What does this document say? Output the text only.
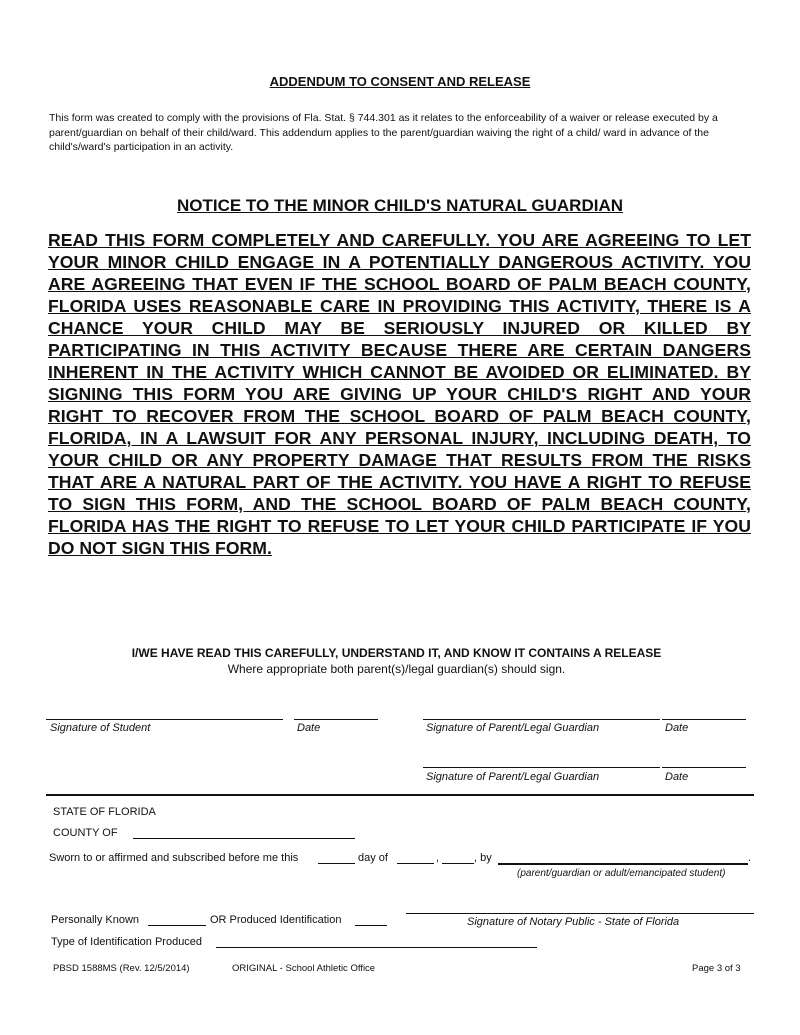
ADDENDUM TO CONSENT AND RELEASE
This form was created to comply with the provisions of Fla. Stat. § 744.301 as it relates to the enforceability of a waiver or release executed by a parent/guardian on behalf of their child/ward. This addendum applies to the parent/guardian waiving the right of a child/ ward in advance of the child's/ward's participation in an activity.
NOTICE TO THE MINOR CHILD'S NATURAL GUARDIAN
READ THIS FORM COMPLETELY AND CAREFULLY. YOU ARE AGREEING TO LET YOUR MINOR CHILD ENGAGE IN A POTENTIALLY DANGEROUS ACTIVITY. YOU ARE AGREEING THAT EVEN IF THE SCHOOL BOARD OF PALM BEACH COUNTY, FLORIDA USES REASONABLE CARE IN PROVIDING THIS ACTIVITY, THERE IS A CHANCE YOUR CHILD MAY BE SERIOUSLY INJURED OR KILLED BY PARTICIPATING IN THIS ACTIVITY BECAUSE THERE ARE CERTAIN DANGERS INHERENT IN THE ACTIVITY WHICH CANNOT BE AVOIDED OR ELIMINATED. BY SIGNING THIS FORM YOU ARE GIVING UP YOUR CHILD'S RIGHT AND YOUR RIGHT TO RECOVER FROM THE SCHOOL BOARD OF PALM BEACH COUNTY, FLORIDA, IN A LAWSUIT FOR ANY PERSONAL INJURY, INCLUDING DEATH, TO YOUR CHILD OR ANY PROPERTY DAMAGE THAT RESULTS FROM THE RISKS THAT ARE A NATURAL PART OF THE ACTIVITY. YOU HAVE A RIGHT TO REFUSE TO SIGN THIS FORM, AND THE SCHOOL BOARD OF PALM BEACH COUNTY, FLORIDA HAS THE RIGHT TO REFUSE TO LET YOUR CHILD PARTICIPATE IF YOU DO NOT SIGN THIS FORM.
I/WE HAVE READ THIS CAREFULLY, UNDERSTAND IT, AND KNOW IT CONTAINS A RELEASE
Where appropriate both parent(s)/legal guardian(s) should sign.
Signature of Student	Date	Signature of Parent/Legal Guardian	Date
Signature of Parent/Legal Guardian	Date
STATE OF FLORIDA
COUNTY OF
Sworn to or affirmed and subscribed before me this	day of	,	, by	.
(parent/guardian or adult/emancipated student)
Personally Known	OR Produced Identification	Signature of Notary Public - State of Florida
Type of Identification Produced
PBSD 1588MS (Rev. 12/5/2014)	ORIGINAL - School Athletic Office	Page 3 of 3
